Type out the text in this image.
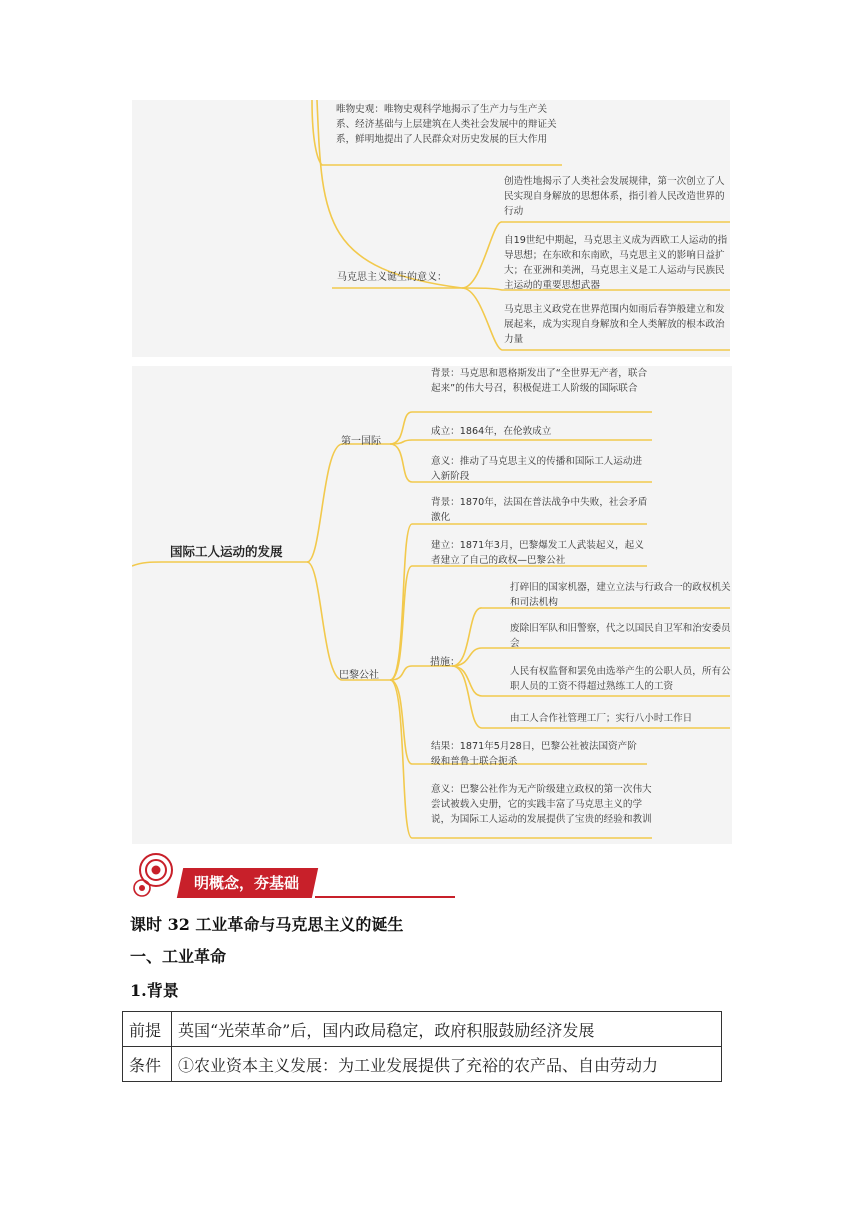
唯物史观：唯物史观科学地揭示了生产力与生产关系、经济基础与上层建筑在人类社会发展中的辩证关系，鲜明地提出了人民群众对历史发展的巨大作用
马克思主义诞生的意义：
创造性地揭示了人类社会发展规律，第一次创立了人民实现自身解放的思想体系，指引着人民改造世界的行动
自19世纪中期起，马克思主义成为西欧工人运动的指导思想；在东欧和东南欧，马克思主义的影响日益扩大；在亚洲和美洲，马克思主义是工人运动与民族民主运动的重要思想武器
马克思主义政党在世界范围内如雨后春笋般建立和发展起来，成为实现自身解放和全人类解放的根本政治力量
国际工人运动的发展
第一国际
背景：马克思和恩格斯发出了“全世界无产者，联合起来”的伟大号召，积极促进工人阶级的国际联合
成立：1864年，在伦敦成立
意义：推动了马克思主义的传播和国际工人运动进入新阶段
巴黎公社
背景：1870年，法国在普法战争中失败，社会矛盾激化
建立：1871年3月，巴黎爆发工人武装起义，起义者建立了自己的政权—巴黎公社
措施：
打碎旧的国家机器，建立立法与行政合一的政权机关和司法机构
废除旧军队和旧警察，代之以国民自卫军和治安委员会
人民有权监督和罢免由选举产生的公职人员，所有公职人员的工资不得超过熟练工人的工资
由工人合作社管理工厂；实行八小时工作日
结果：1871年5月28日，巴黎公社被法国资产阶级和普鲁士联合扼杀
意义：巴黎公社作为无产阶级建立政权的第一次伟大尝试被载入史册，它的实践丰富了马克思主义的学说，为国际工人运动的发展提供了宝贵的经验和教训
明概念，夯基础
课时 32 工业革命与马克思主义的诞生
一、工业革命
1.背景
前提	英国“光荣革命”后，国内政局稳定，政府积服鼓励经济发展
条件	①农业资本主义发展：为工业发展提供了充裕的农产品、自由劳动力
